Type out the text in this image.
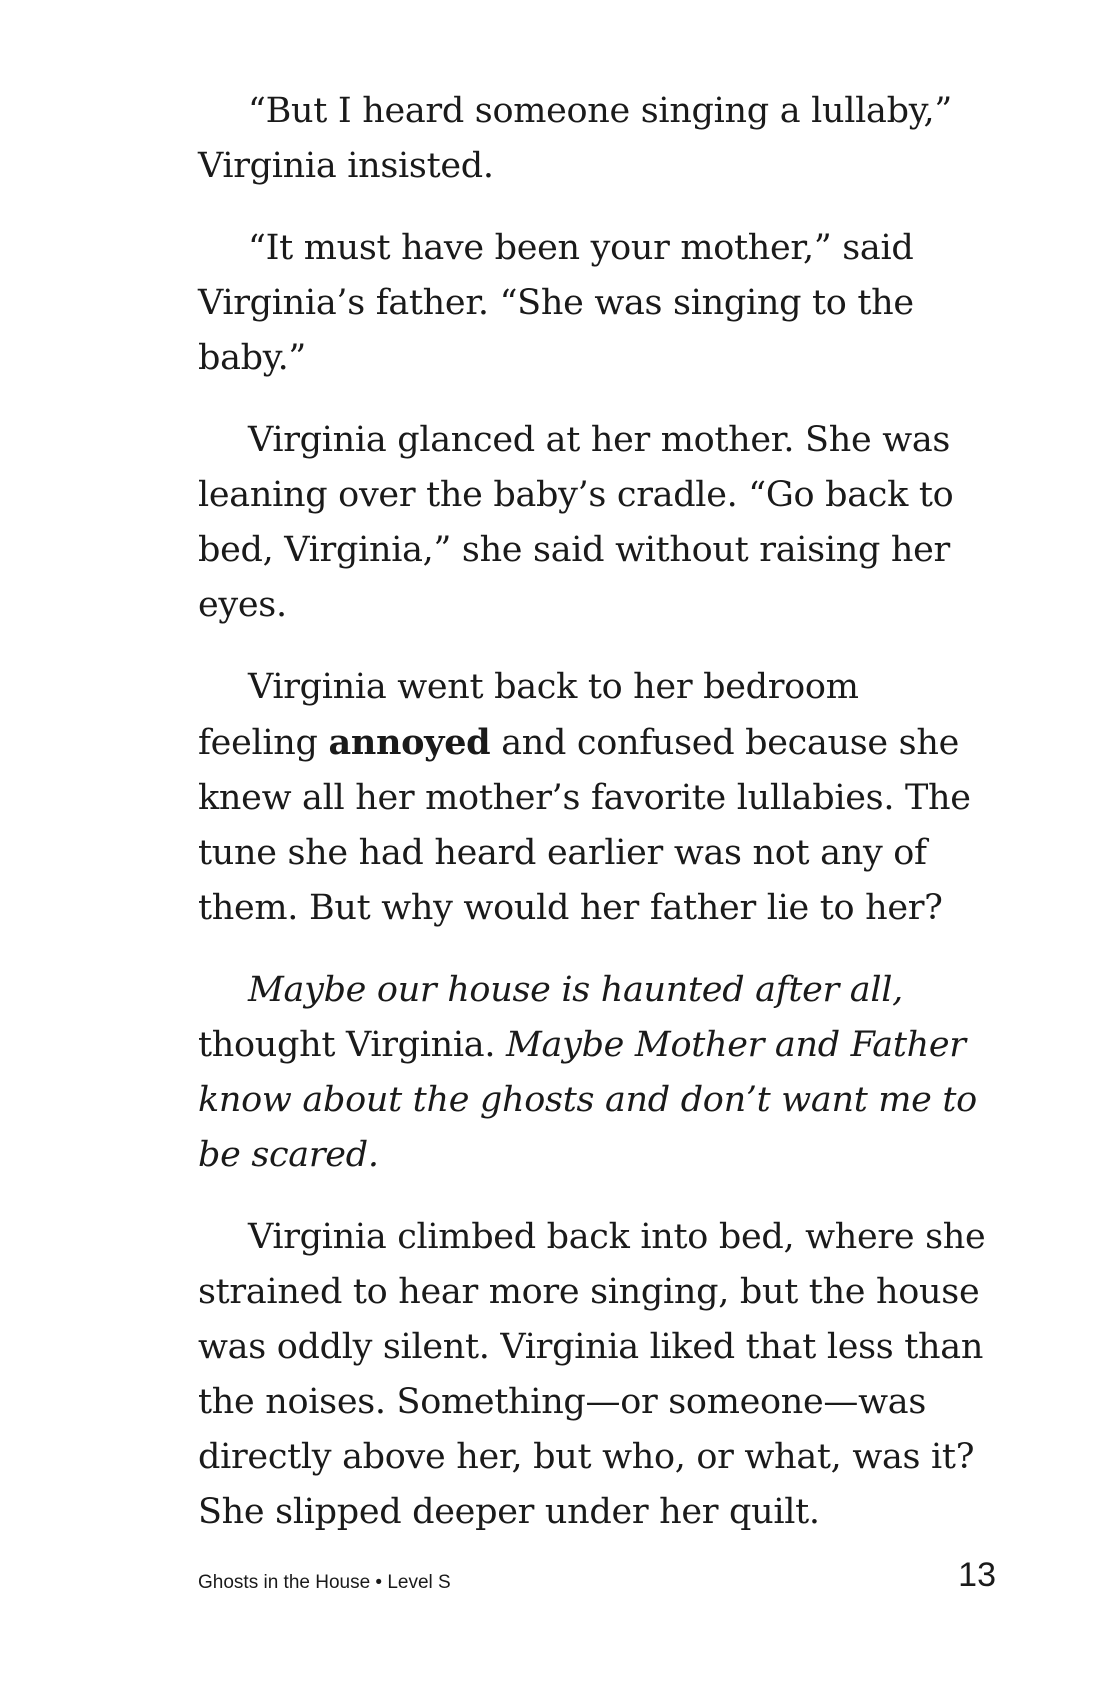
“But I heard someone singing a lullaby,” Virginia insisted.

“It must have been your mother,” said Virginia’s father. “She was singing to the baby.”

Virginia glanced at her mother. She was leaning over the baby’s cradle. “Go back to bed, Virginia,” she said without raising her eyes.

Virginia went back to her bedroom feeling annoyed and confused because she knew all her mother’s favorite lullabies. The tune she had heard earlier was not any of them. But why would her father lie to her?

Maybe our house is haunted after all, thought Virginia. Maybe Mother and Father know about the ghosts and don’t want me to be scared.

Virginia climbed back into bed, where she strained to hear more singing, but the house was oddly silent. Virginia liked that less than the noises. Something—or someone—was directly above her, but who, or what, was it? She slipped deeper under her quilt.

Ghosts in the House • Level S	13
